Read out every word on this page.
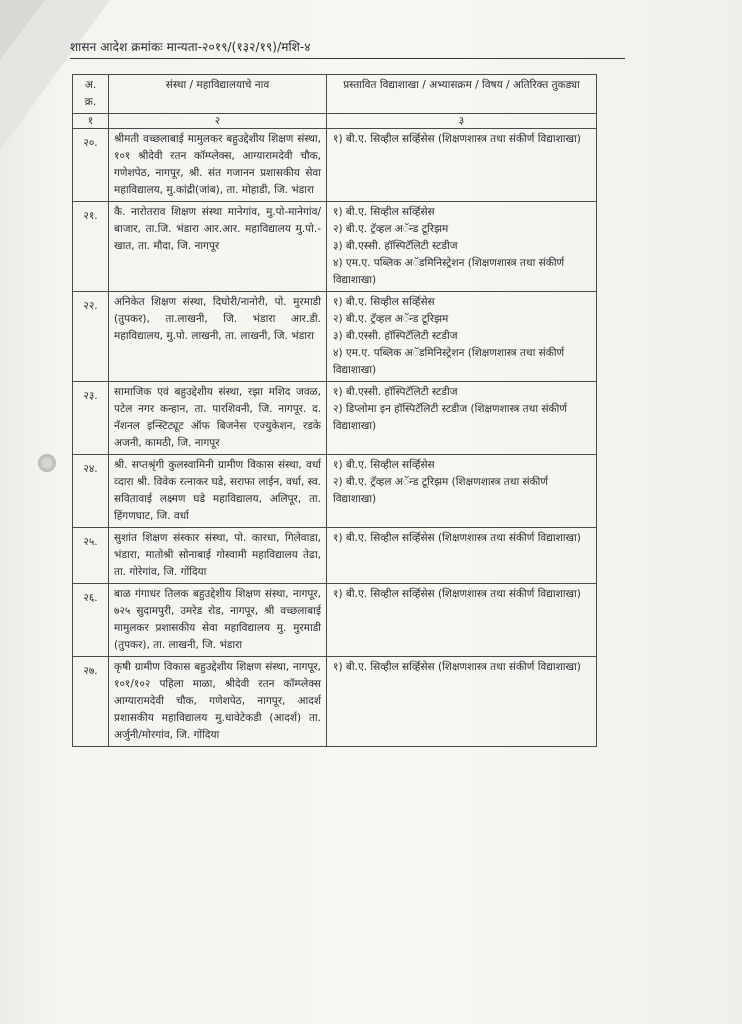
शासन आदेश क्रमांकः मान्यता-२०१९/(१३२/१९)/मशि-४
अ. क्र.	संस्था / महाविद्यालयाचे नाव	प्रस्तावित विद्याशाखा / अभ्यासक्रम / विषय / अतिरिक्त तुकड्या
१	२	३
२०.	श्रीमती वच्छलाबाई मामुलकर बहुउद्देशीय शिक्षण संस्था, १०१ श्रीदेवी रतन कॉम्प्लेक्स, आग्यारामदेवी चौक, गणेशपेठ, नागपूर, श्री. संत गजानन प्रशासकीय सेवा महाविद्यालय, मु.कांद्री(जांब), ता. मोहाडी, जि. भंडारा	१) बी.ए. सिव्हील सर्व्हिसेस (शिक्षणशास्त्र तथा संकीर्ण विद्याशाखा)

२१.	कै. नारोतराव शिक्षण संस्था मानेगांव, मु.पो-मानेगांव/बाजार, ता.जि. भंडारा आर.आर. महाविद्यालय मु.पो.-खात, ता. मौदा, जि. नागपूर	१) बी.ए. सिव्हील सर्व्हिसेस
२) बी.ए. ट्रॅव्हल अॅन्ड टूरिझम
३) बी.एस्सी. हॉस्पिटॅलिटी स्टडीज
४) एम.ए. पब्लिक अॅडमिनिस्ट्रेशन (शिक्षणशास्त्र तथा संकीर्ण विद्याशाखा)

२२.	अनिकेत शिक्षण संस्था, दिघोरी/नानोरी, पो. मुरमाडी (तुपकर), ता.लाखनी, जि. भंडारा आर.डी. महाविद्यालय, मु.पो. लाखनी, ता. लाखनी, जि. भंडारा	१) बी.ए. सिव्हील सर्व्हिसेस
२) बी.ए. ट्रॅव्हल अॅन्ड टूरिझम
३) बी.एस्सी. हॉस्पिटॅलिटी स्टडीज
४) एम.ए. पब्लिक अॅडमिनिस्ट्रेशन (शिक्षणशास्त्र तथा संकीर्ण विद्याशाखा)

२३.	सामाजिक एवं बहुउद्देशीय संस्था, रझा मशिद जवळ, पटेल नगर कन्हान, ता. पारशिवनी, जि. नागपूर. द. नॅशनल इन्स्टिट्यूट ऑफ बिजनेस एज्युकेशन, रडके अजनी, कामठी, जि. नागपूर	१) बी.एस्सी. हॉस्पिटॅलिटी स्टडीज
२) डिप्लोमा इन हॉस्पिटॅलिटी स्टडीज (शिक्षणशास्त्र तथा संकीर्ण विद्याशाखा)

२४.	श्री. सप्तश्रृंगी कुलस्वामिनी ग्रामीण विकास संस्था, वर्धा व्दारा श्री. विवेक रत्नाकर घडे, सराफा लाईन, वर्धा, स्व. सवितावाई लक्ष्मण घडे महाविद्यालय, अलिपूर, ता. हिंगणघाट, जि. वर्धा	१) बी.ए. सिव्हील सर्व्हिसेस
२) बी.ए. ट्रॅव्हल अॅन्ड टूरिझम (शिक्षणशास्त्र तथा संकीर्ण विद्याशाखा)

२५.	सुशांत शिक्षण संस्कार संस्था, पो. कारधा, गिलेवाडा, भंडारा, मातोश्री सोनाबाई गोस्वामी महाविद्यालय तेढा, ता. गोरेगांव, जि. गोंदिया	१) बी.ए. सिव्हील सर्व्हिसेस (शिक्षणशास्त्र तथा संकीर्ण विद्याशाखा)

२६.	बाळ गंगाधर तिलक बहुउद्देशीय शिक्षण संस्था, नागपूर, ७२५ सुदामपुरी, उमरेड रोड, नागपूर, श्री वच्छलाबाई मामुलकर प्रशासकीय सेवा महाविद्यालय मु. मुरमाडी (तुपकर), ता. लाखनी, जि. भंडारा	१) बी.ए. सिव्हील सर्व्हिसेस (शिक्षणशास्त्र तथा संकीर्ण विद्याशाखा)

२७.	कृषी ग्रामीण विकास बहुउद्देशीय शिक्षण संस्था, नागपूर, १०१/१०२ पहिला माळा, श्रीदेवी रतन कॉम्प्लेक्स आग्यारामदेवी चौक, गणेशपेठ, नागपूर, आदर्श प्रशासकीय महाविद्यालय मु.धावेटेकडी (आदर्श) ता. अर्जुनी/मोरगांव, जि. गोंदिया	१) बी.ए. सिव्हील सर्व्हिसेस (शिक्षणशास्त्र तथा संकीर्ण विद्याशाखा)
